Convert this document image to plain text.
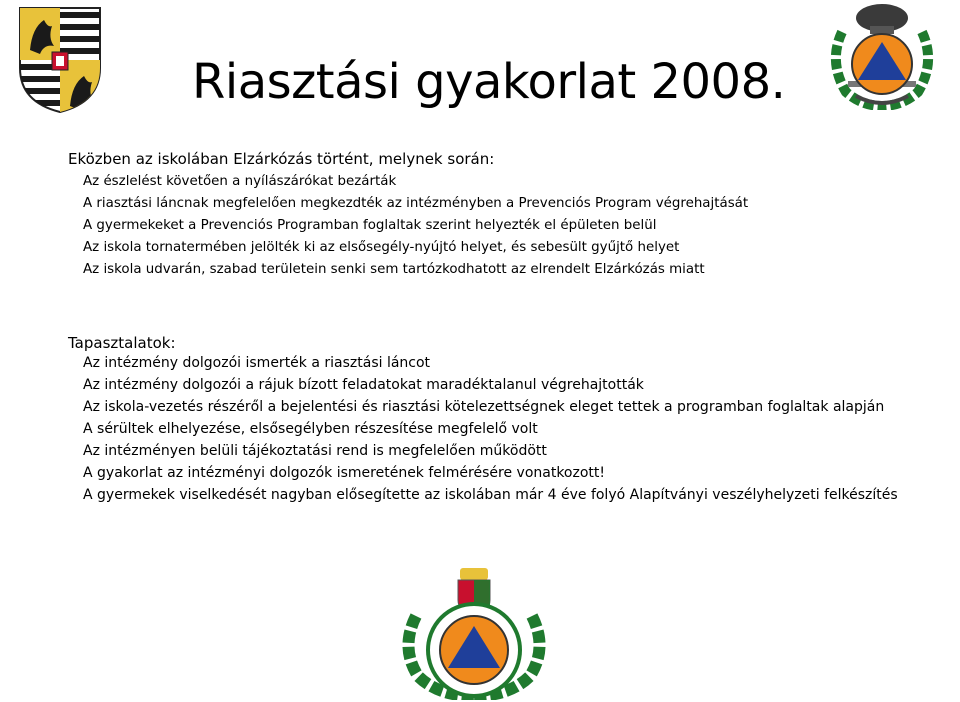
Riasztási gyakorlat 2008.

Eközben az iskolában Elzárkózás történt, melynek során:

Az észlelést követően a nyílászárókat bezárták
A riasztási láncnak megfelelően megkezdték az intézményben a Prevenciós Program végrehajtását
A gyermekeket a Prevenciós Programban foglaltak szerint helyezték el épületen belül
Az iskola tornatermében jelölték ki az elsősegély-nyújtó helyet, és sebesült gyűjtő helyet
Az iskola udvarán, szabad területein senki sem tartózkodhatott az elrendelt Elzárkózás miatt

Tapasztalatok:

Az intézmény dolgozói ismerték a riasztási láncot
Az intézmény dolgozói a rájuk bízott feladatokat maradéktalanul végrehajtották
Az iskola-vezetés részéről a bejelentési és riasztási kötelezettségnek eleget tettek a programban foglaltak alapján
A sérültek elhelyezése, elsősegélyben részesítése megfelelő volt
Az intézményen belüli tájékoztatási rend is megfelelően működött
A gyakorlat az intézményi dolgozók ismeretének felmérésére vonatkozott!
A gyermekek viselkedését nagyban elősegítette az iskolában már 4 éve folyó Alapítványi veszélyhelyzeti felkészítés
